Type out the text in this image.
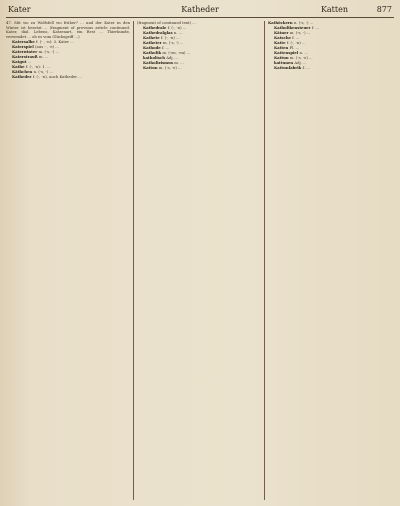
Kater	Katheder	Katten	877

47. Mit wo zu Wolfsfell wo früher? ... und der Kater in den Winter ist besetzt ... (fragment of previous article continued: Kater, dial. Lebens, Katzenart, ein Rest ... Thierkunde, verwendet ... ob es vom Glücksgriff ...)

Katersalbe f. (- , -n): 3. Kater ...

Katerspiel (aus - , -e) ...

Katerwinter m. (-s, -) ...

Katerstrauß m. ...

Katgut ...

Kathe f. (-, -n): 1. ...

Käthchen n. (-s, -) ...

Katheder f. (-, -n), auch Katheder ...

(fragment of continued text) ...

Kathedrale f. (-, -n) ...

Kathedralglas n. ...

Kathete f. (-, -n) ...

Katheter m. (-s, -) ...

Kathode f. ...

Katholik m. (-en, -en) ...

katholisch Adj. ...

Katholizismus m. ...

Kattun m. (-s, -e) ...

Kathöckern n. (-s, -) ...

Katholikensteuer f. ...

Kätner m. (-s, -) ...

Katsche f. ...

Katte f. (-, -n) ...

Katten Pl. ...

Kattenspiel n. ...

Kattun m. (-s, -e) ...

kattunen Adj. ...

Kattunfabrik f. ...
